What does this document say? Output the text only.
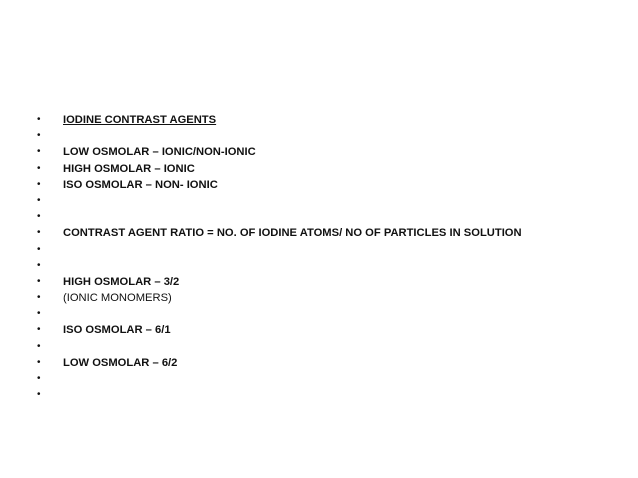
•	IODINE CONTRAST AGENTS
•
•	LOW OSMOLAR – IONIC/NON-IONIC
•	HIGH OSMOLAR – IONIC
•	ISO OSMOLAR – NON- IONIC
•
•
•	CONTRAST AGENT RATIO = NO. OF IODINE ATOMS/ NO OF PARTICLES IN SOLUTION
•
•
•	HIGH OSMOLAR – 3/2
•	(IONIC MONOMERS)
•
•	ISO OSMOLAR – 6/1
•
•	LOW OSMOLAR – 6/2
•
•
